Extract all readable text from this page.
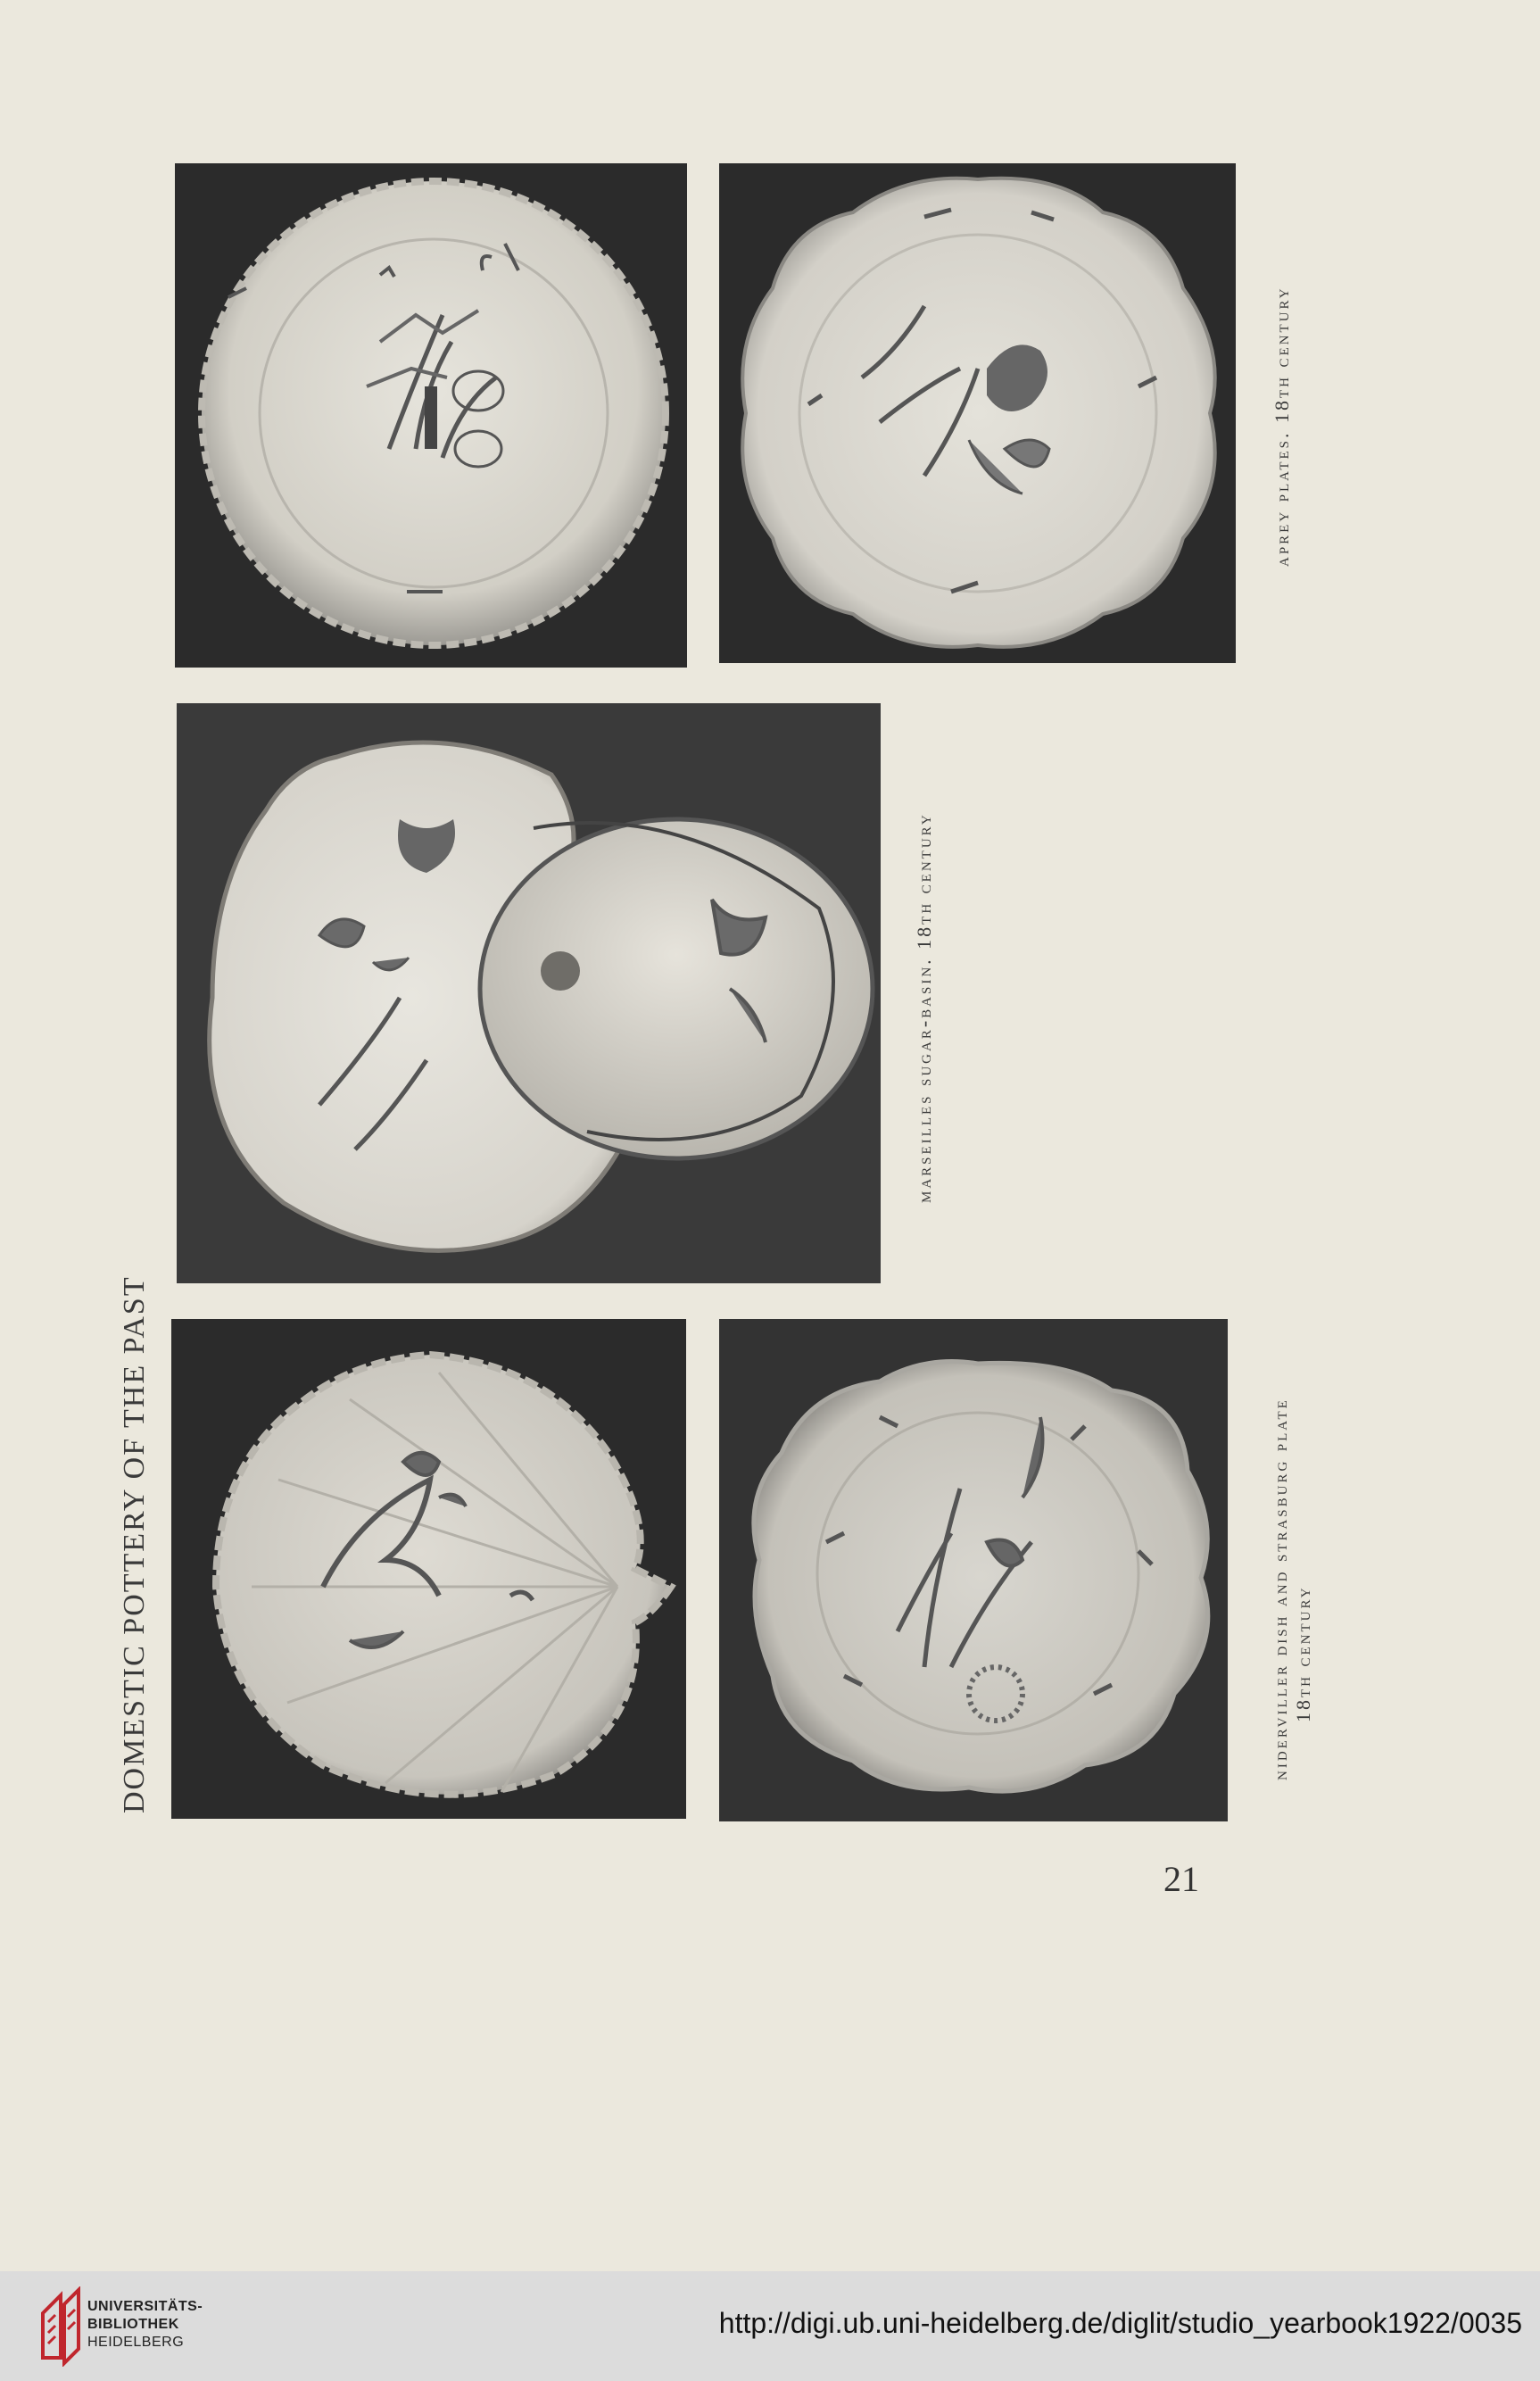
DOMESTIC POTTERY OF THE PAST
aprey plates. 18th century
marseilles sugar-basin. 18th century
niderviller dish and strasburg plate 18th century
21
UNIVERSITÄTS-
BIBLIOTHEK
HEIDELBERG
http://digi.ub.uni-heidelberg.de/diglit/studio_yearbook1922/0035
